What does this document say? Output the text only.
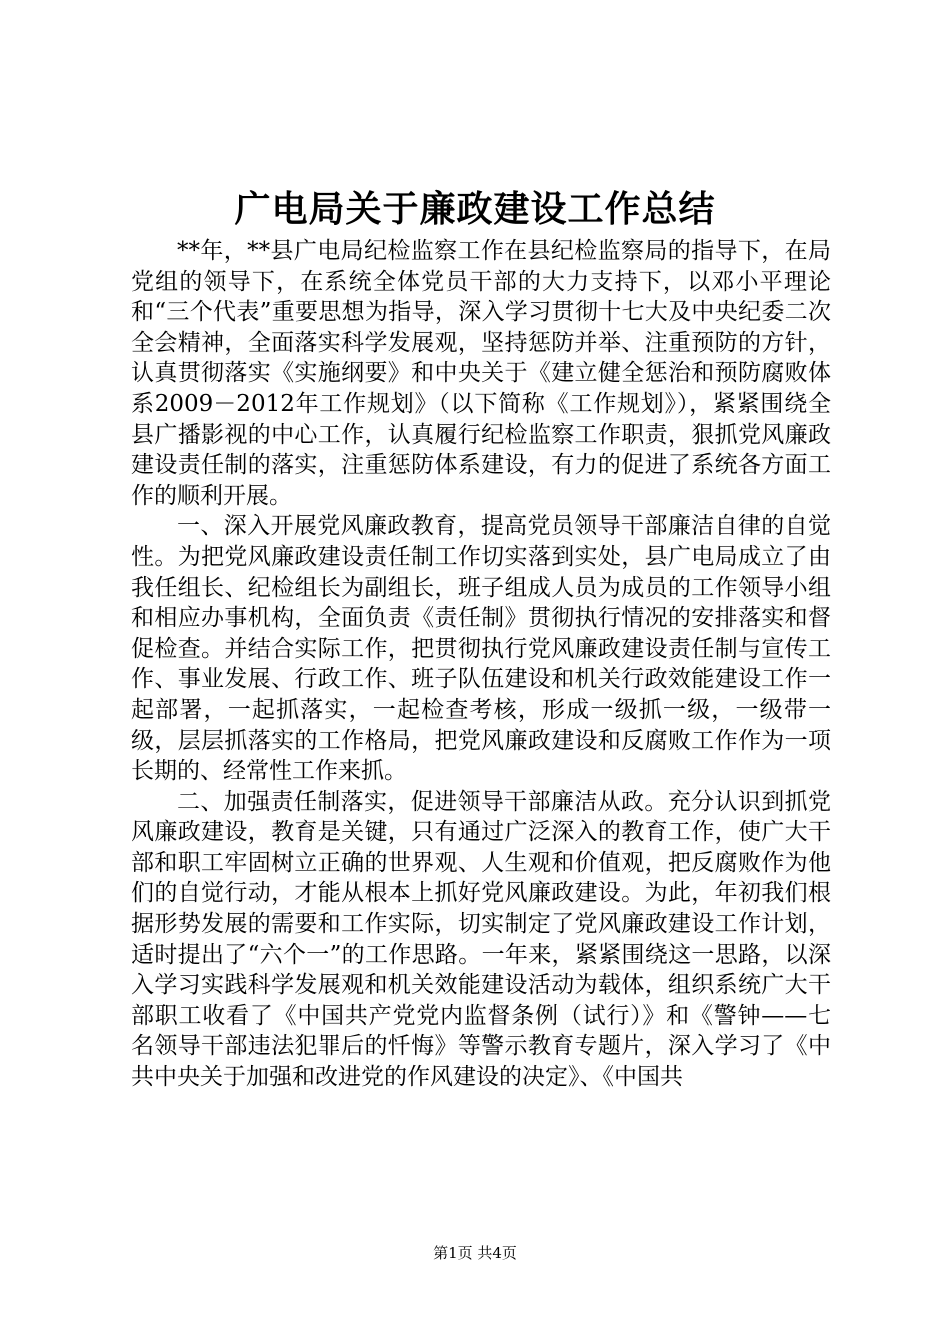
广电局关于廉政建设工作总结

**年，**县广电局纪检监察工作在县纪检监察局的指导下，在局党组的领导下，在系统全体党员干部的大力支持下，以邓小平理论和“三个代表”重要思想为指导，深入学习贯彻十七大及中央纪委二次全会精神，全面落实科学发展观，坚持惩防并举、注重预防的方针，认真贯彻落实《实施纲要》和中央关于《建立健全惩治和预防腐败体系2009－2012年工作规划》（以下简称《工作规划》），紧紧围绕全县广播影视的中心工作，认真履行纪检监察工作职责，狠抓党风廉政建设责任制的落实，注重惩防体系建设，有力的促进了系统各方面工作的顺利开展。

一、深入开展党风廉政教育，提高党员领导干部廉洁自律的自觉性。为把党风廉政建设责任制工作切实落到实处，县广电局成立了由我任组长、纪检组长为副组长，班子组成人员为成员的工作领导小组和相应办事机构，全面负责《责任制》贯彻执行情况的安排落实和督促检查。并结合实际工作，把贯彻执行党风廉政建设责任制与宣传工作、事业发展、行政工作、班子队伍建设和机关行政效能建设工作一起部署，一起抓落实，一起检查考核，形成一级抓一级，一级带一级，层层抓落实的工作格局，把党风廉政建设和反腐败工作作为一项长期的、经常性工作来抓。

二、加强责任制落实，促进领导干部廉洁从政。充分认识到抓党风廉政建设，教育是关键，只有通过广泛深入的教育工作，使广大干部和职工牢固树立正确的世界观、人生观和价值观，把反腐败作为他们的自觉行动，才能从根本上抓好党风廉政建设。为此，年初我们根据形势发展的需要和工作实际，切实制定了党风廉政建设工作计划，适时提出了“六个一”的工作思路。一年来，紧紧围绕这一思路，以深入学习实践科学发展观和机关效能建设活动为载体，组织系统广大干部职工收看了《中国共产党党内监督条例（试行）》和《警钟——七名领导干部违法犯罪后的忏悔》等警示教育专题片，深入学习了《中共中央关于加强和改进党的作风建设的决定》、《中国共

第1页 共4页
